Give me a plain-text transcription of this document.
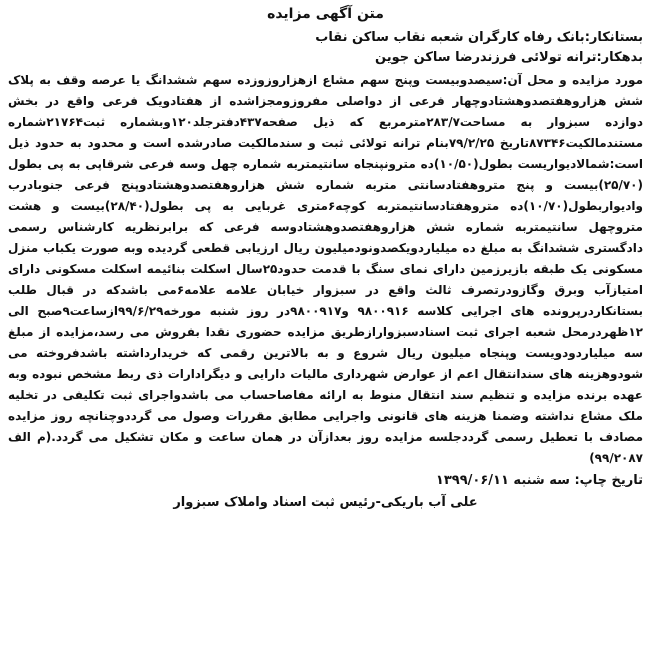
متن آگهی مزایده
بستانکار:بانک رفاه کارگران شعبه نقاب ساکن نقاب
بدهکار:ترانه تولائی فرزندرضا ساکن جوین

مورد مزایده و محل آن:سیصدوبیست وپنج سهم مشاع ازهزاروزوزده سهم ششدانگ یا عرصه وقف به پلاک شش هزاروهفتصدوهشتادوچهار فرعی از دواصلی مفروزومجزاشده از هفتادویک فرعی واقع در بخش دوازده سبزوار به مساحت۲۸۳/۷مترمربع که ذیل صفحه۴۳۷دفترجلد۱۲۰وبشماره ثبت۲۱۷۶۴شماره مستندمالکیت۸۷۳۴۶تاریخ ۷۹/۲/۲۵بنام ترانه تولائی ثبت و سندمالکیت صادرشده است و محدود به حدود ذیل است:شمالادیواریست بطول(۱۰/۵۰)ده مترونپنجاه سانتیمتربه شماره چهل وسه فرعی شرقاپی به پی بطول (۲۵/۷۰)بیست و پنج متروهفتادسانتی متربه شماره شش هزاروهفتصدوهشتادوپنج فرعی جنوبادرب وادیواربطول(۱۰/۷۰)ده متروهفتادسانتیمتربه کوچه۶متری غربایی به پی بطول(۲۸/۴۰)بیست و هشت متروچهل سانتیمتربه شماره شش هزاروهفتصدوهشتادوسه فرعی که برابرنظریه کارشناس رسمی دادگستری ششدانگ به مبلغ ده میلیاردویکصدونودمیلیون ریال ارزیابی قطعی گردیده وبه صورت یکباب منزل مسکونی یک طبقه بازیرزمین دارای نمای سنگ با قدمت حدود۲۵سال اسکلت بنائیمه اسکلت مسکونی دارای امتیازآب وبرق وگازودرتصرف ثالث واقع در سبزوار خیابان علامه علامه۶می باشدکه در قبال طلب بستانکاردرپرونده های اجرایی کلاسه ۹۸۰۰۹۱۶ و۹۸۰۰۹۱۷در روز شنبه مورخه۹۹/۶/۲۹ازساعت۹صبح الی ۱۲ظهردرمحل شعبه اجرای ثبت اسنادسبزوارازطریق مزایده حضوری نقدا بفروش می رسد،مزایده از مبلغ سه میلیاردودویست وپنجاه میلیون ریال شروع و به بالاترین رقمی که خریدارداشته باشدفروخته می شودوهزینه های سندانتقال اعم از عوارض شهرداری مالیات دارایی و دیگرادارات ذی ربط مشخص نبوده وبه عهده برنده مزایده و تنظیم سند انتقال منوط به ارائه مفاصاحساب می باشدواجرای ثبت تکلیفی در تخلیه ملک مشاع نداشته وضمنا هزینه های قانونی واجرایی مطابق مقررات وصول می گرددوچنانچه روز مزایده مصادف با تعطیل رسمی گرددجلسه مزایده روز بعدازآن در همان ساعت و مکان تشکیل می گردد.(م الف ۹۹/۲۰۸۷)

تاریخ چاپ: سه شنبه ۱۳۹۹/۰۶/۱۱
علی آب باریکی-رئیس ثبت اسناد واملاک سبزوار
